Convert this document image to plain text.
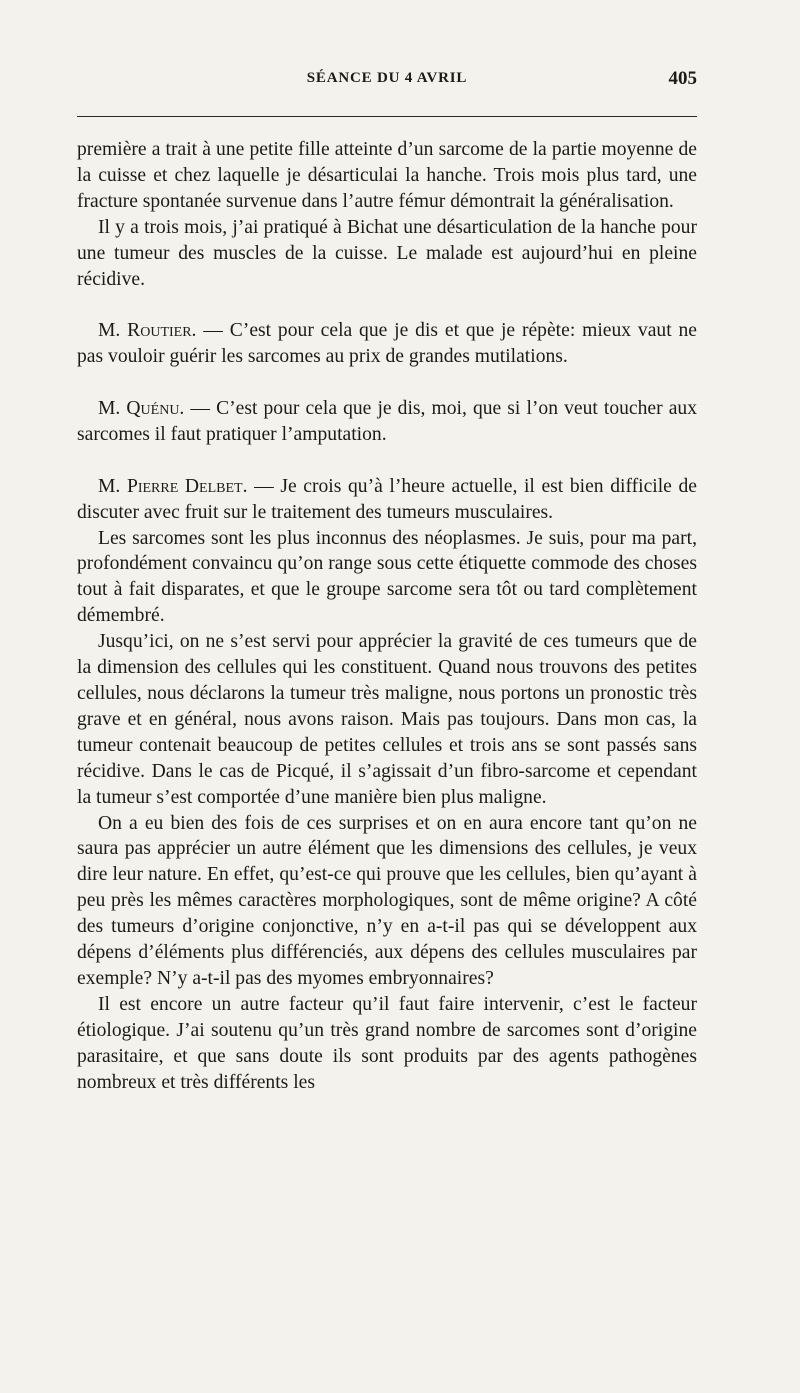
SÉANCE DU 4 AVRIL	405

première a trait à une petite fille atteinte d’un sarcome de la partie moyenne de la cuisse et chez laquelle je désarticulai la hanche. Trois mois plus tard, une fracture spontanée survenue dans l’autre fémur démontrait la généralisation.

Il y a trois mois, j’ai pratiqué à Bichat une désarticulation de la hanche pour une tumeur des muscles de la cuisse. Le malade est aujourd’hui en pleine récidive.

M. Routier. — C’est pour cela que je dis et que je répète: mieux vaut ne pas vouloir guérir les sarcomes au prix de grandes mutilations.

M. Quénu. — C’est pour cela que je dis, moi, que si l’on veut toucher aux sarcomes il faut pratiquer l’amputation.

M. Pierre Delbet. — Je crois qu’à l’heure actuelle, il est bien difficile de discuter avec fruit sur le traitement des tumeurs musculaires.

Les sarcomes sont les plus inconnus des néoplasmes. Je suis, pour ma part, profondément convaincu qu’on range sous cette étiquette commode des choses tout à fait disparates, et que le groupe sarcome sera tôt ou tard complètement démembré.

Jusqu’ici, on ne s’est servi pour apprécier la gravité de ces tumeurs que de la dimension des cellules qui les constituent. Quand nous trouvons des petites cellules, nous déclarons la tumeur très maligne, nous portons un pronostic très grave et en général, nous avons raison. Mais pas toujours. Dans mon cas, la tumeur contenait beaucoup de petites cellules et trois ans se sont passés sans récidive. Dans le cas de Picqué, il s’agissait d’un fibro-sarcome et cependant la tumeur s’est comportée d’une manière bien plus maligne.

On a eu bien des fois de ces surprises et on en aura encore tant qu’on ne saura pas apprécier un autre élément que les dimensions des cellules, je veux dire leur nature. En effet, qu’est-ce qui prouve que les cellules, bien qu’ayant à peu près les mêmes caractères morphologiques, sont de même origine? A côté des tumeurs d’origine conjonctive, n’y en a-t-il pas qui se développent aux dépens d’éléments plus différenciés, aux dépens des cellules musculaires par exemple? N’y a-t-il pas des myomes embryonnaires?

Il est encore un autre facteur qu’il faut faire intervenir, c’est le facteur étiologique. J’ai soutenu qu’un très grand nombre de sarcomes sont d’origine parasitaire, et que sans doute ils sont produits par des agents pathogènes nombreux et très différents les
